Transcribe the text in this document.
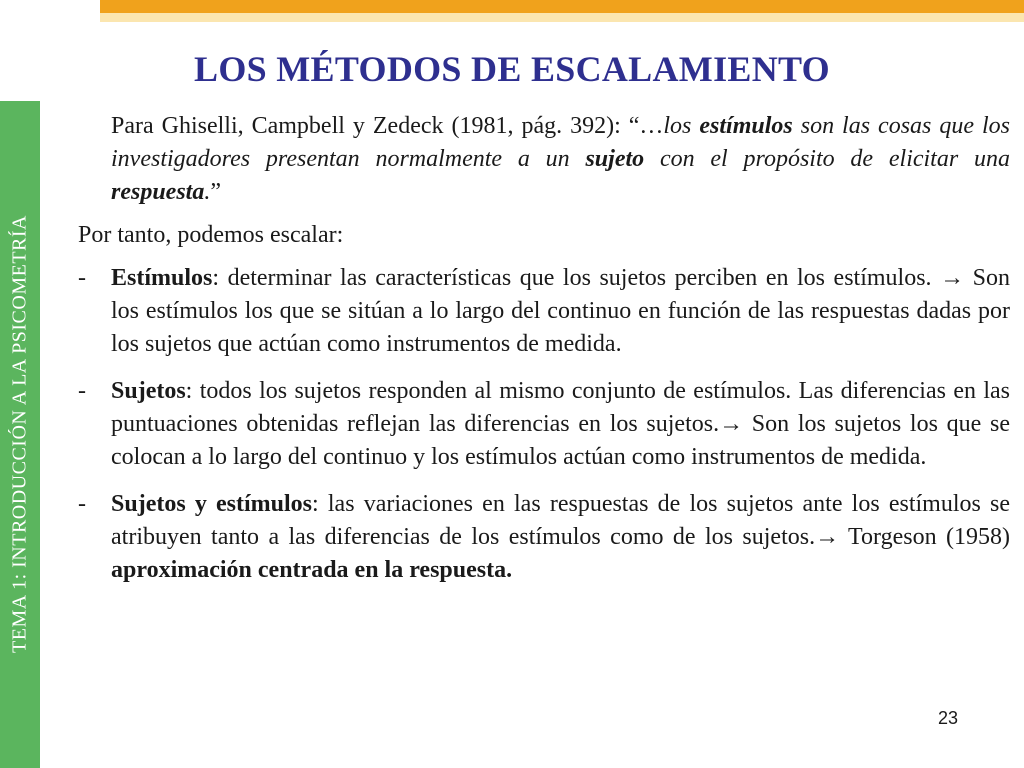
TEMA 1: INTRODUCCIÓN A LA PSICOMETRÍA
LOS MÉTODOS DE ESCALAMIENTO

Para Ghiselli, Campbell y Zedeck (1981, pág. 392): “…los estímulos son las cosas que los investigadores presentan normalmente a un sujeto con el propósito de elicitar una respuesta.”

Por tanto, podemos escalar:

-	Estímulos: determinar las características que los sujetos perciben en los estímulos. → Son los estímulos los que se sitúan a lo largo del continuo en función de las respuestas dadas por los sujetos que actúan como instrumentos de medida.
-	Sujetos: todos los sujetos responden al mismo conjunto de estímulos. Las diferencias en las puntuaciones obtenidas reflejan las diferencias en los sujetos.→ Son los sujetos los que se colocan a lo largo del continuo y los estímulos actúan como instrumentos de medida.
-	Sujetos y estímulos: las variaciones en las respuestas de los sujetos ante los estímulos se atribuyen tanto a las diferencias de los estímulos como de los sujetos.→ Torgeson (1958) aproximación centrada en la respuesta.
23
